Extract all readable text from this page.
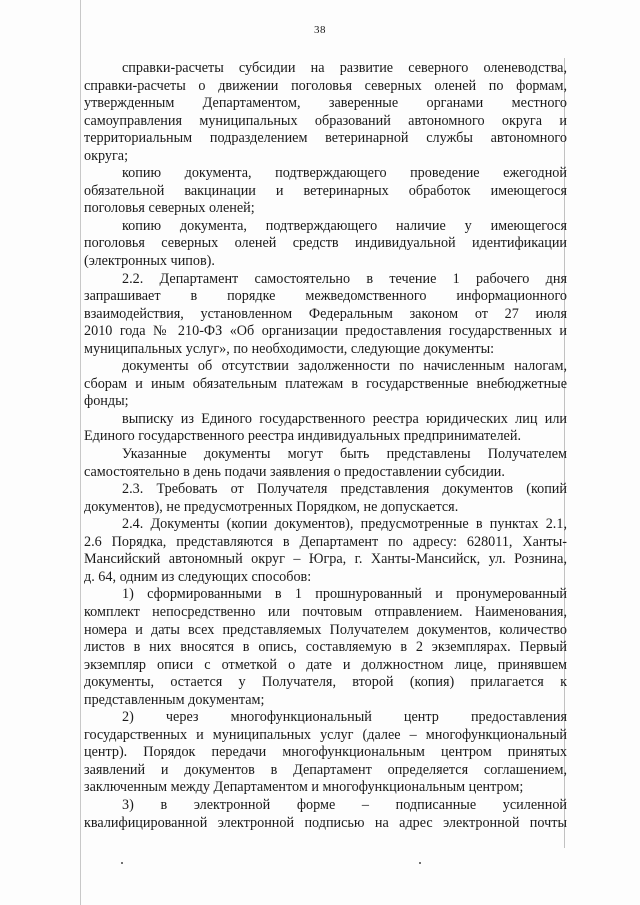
38

справки-расчеты субсидии на развитие северного оленеводства,

справки-расчеты о движении поголовья северных оленей по формам,

утвержденным Департаментом, заверенные органами местного

самоуправления муниципальных образований автономного округа и

территориальным подразделением ветеринарной службы автономного

округа;

копию документа, подтверждающего проведение ежегодной

обязательной вакцинации и ветеринарных обработок имеющегося

поголовья северных оленей;

копию документа, подтверждающего наличие у имеющегося

поголовья северных оленей средств индивидуальной идентификации

(электронных чипов).

2.2. Департамент самостоятельно в течение 1 рабочего дня

запрашивает в порядке межведомственного информационного

взаимодействия, установленном Федеральным законом от 27 июля

2010 года № 210-ФЗ «Об организации предоставления государственных и

муниципальных услуг», по необходимости, следующие документы:

документы об отсутствии задолженности по начисленным налогам,

сборам и иным обязательным платежам в государственные внебюджетные

фонды;

выписку из Единого государственного реестра юридических лиц или

Единого государственного реестра индивидуальных предпринимателей.

Указанные документы могут быть представлены Получателем

самостоятельно в день подачи заявления о предоставлении субсидии.

2.3. Требовать от Получателя представления документов (копий

документов), не предусмотренных Порядком, не допускается.

2.4. Документы (копии документов), предусмотренные в пунктах 2.1,

2.6 Порядка, представляются в Департамент по адресу: 628011, Ханты-

Мансийский автономный округ – Югра, г. Ханты-Мансийск, ул. Рознина,

д. 64, одним из следующих способов:

1) сформированными в 1 прошнурованный и пронумерованный

комплект непосредственно или почтовым отправлением. Наименования,

номера и даты всех представляемых Получателем документов, количество

листов в них вносятся в опись, составляемую в 2 экземплярах. Первый

экземпляр описи с отметкой о дате и должностном лице, принявшем

документы, остается у Получателя, второй (копия) прилагается к

представленным документам;

2) через многофункциональный центр предоставления

государственных и муниципальных услуг (далее – многофункциональный

центр). Порядок передачи многофункциональным центром принятых

заявлений и документов в Департамент определяется соглашением,

заключенным между Департаментом и многофункциональным центром;

3) в электронной форме – подписанные усиленной

квалифицированной электронной подписью на адрес электронной почты
